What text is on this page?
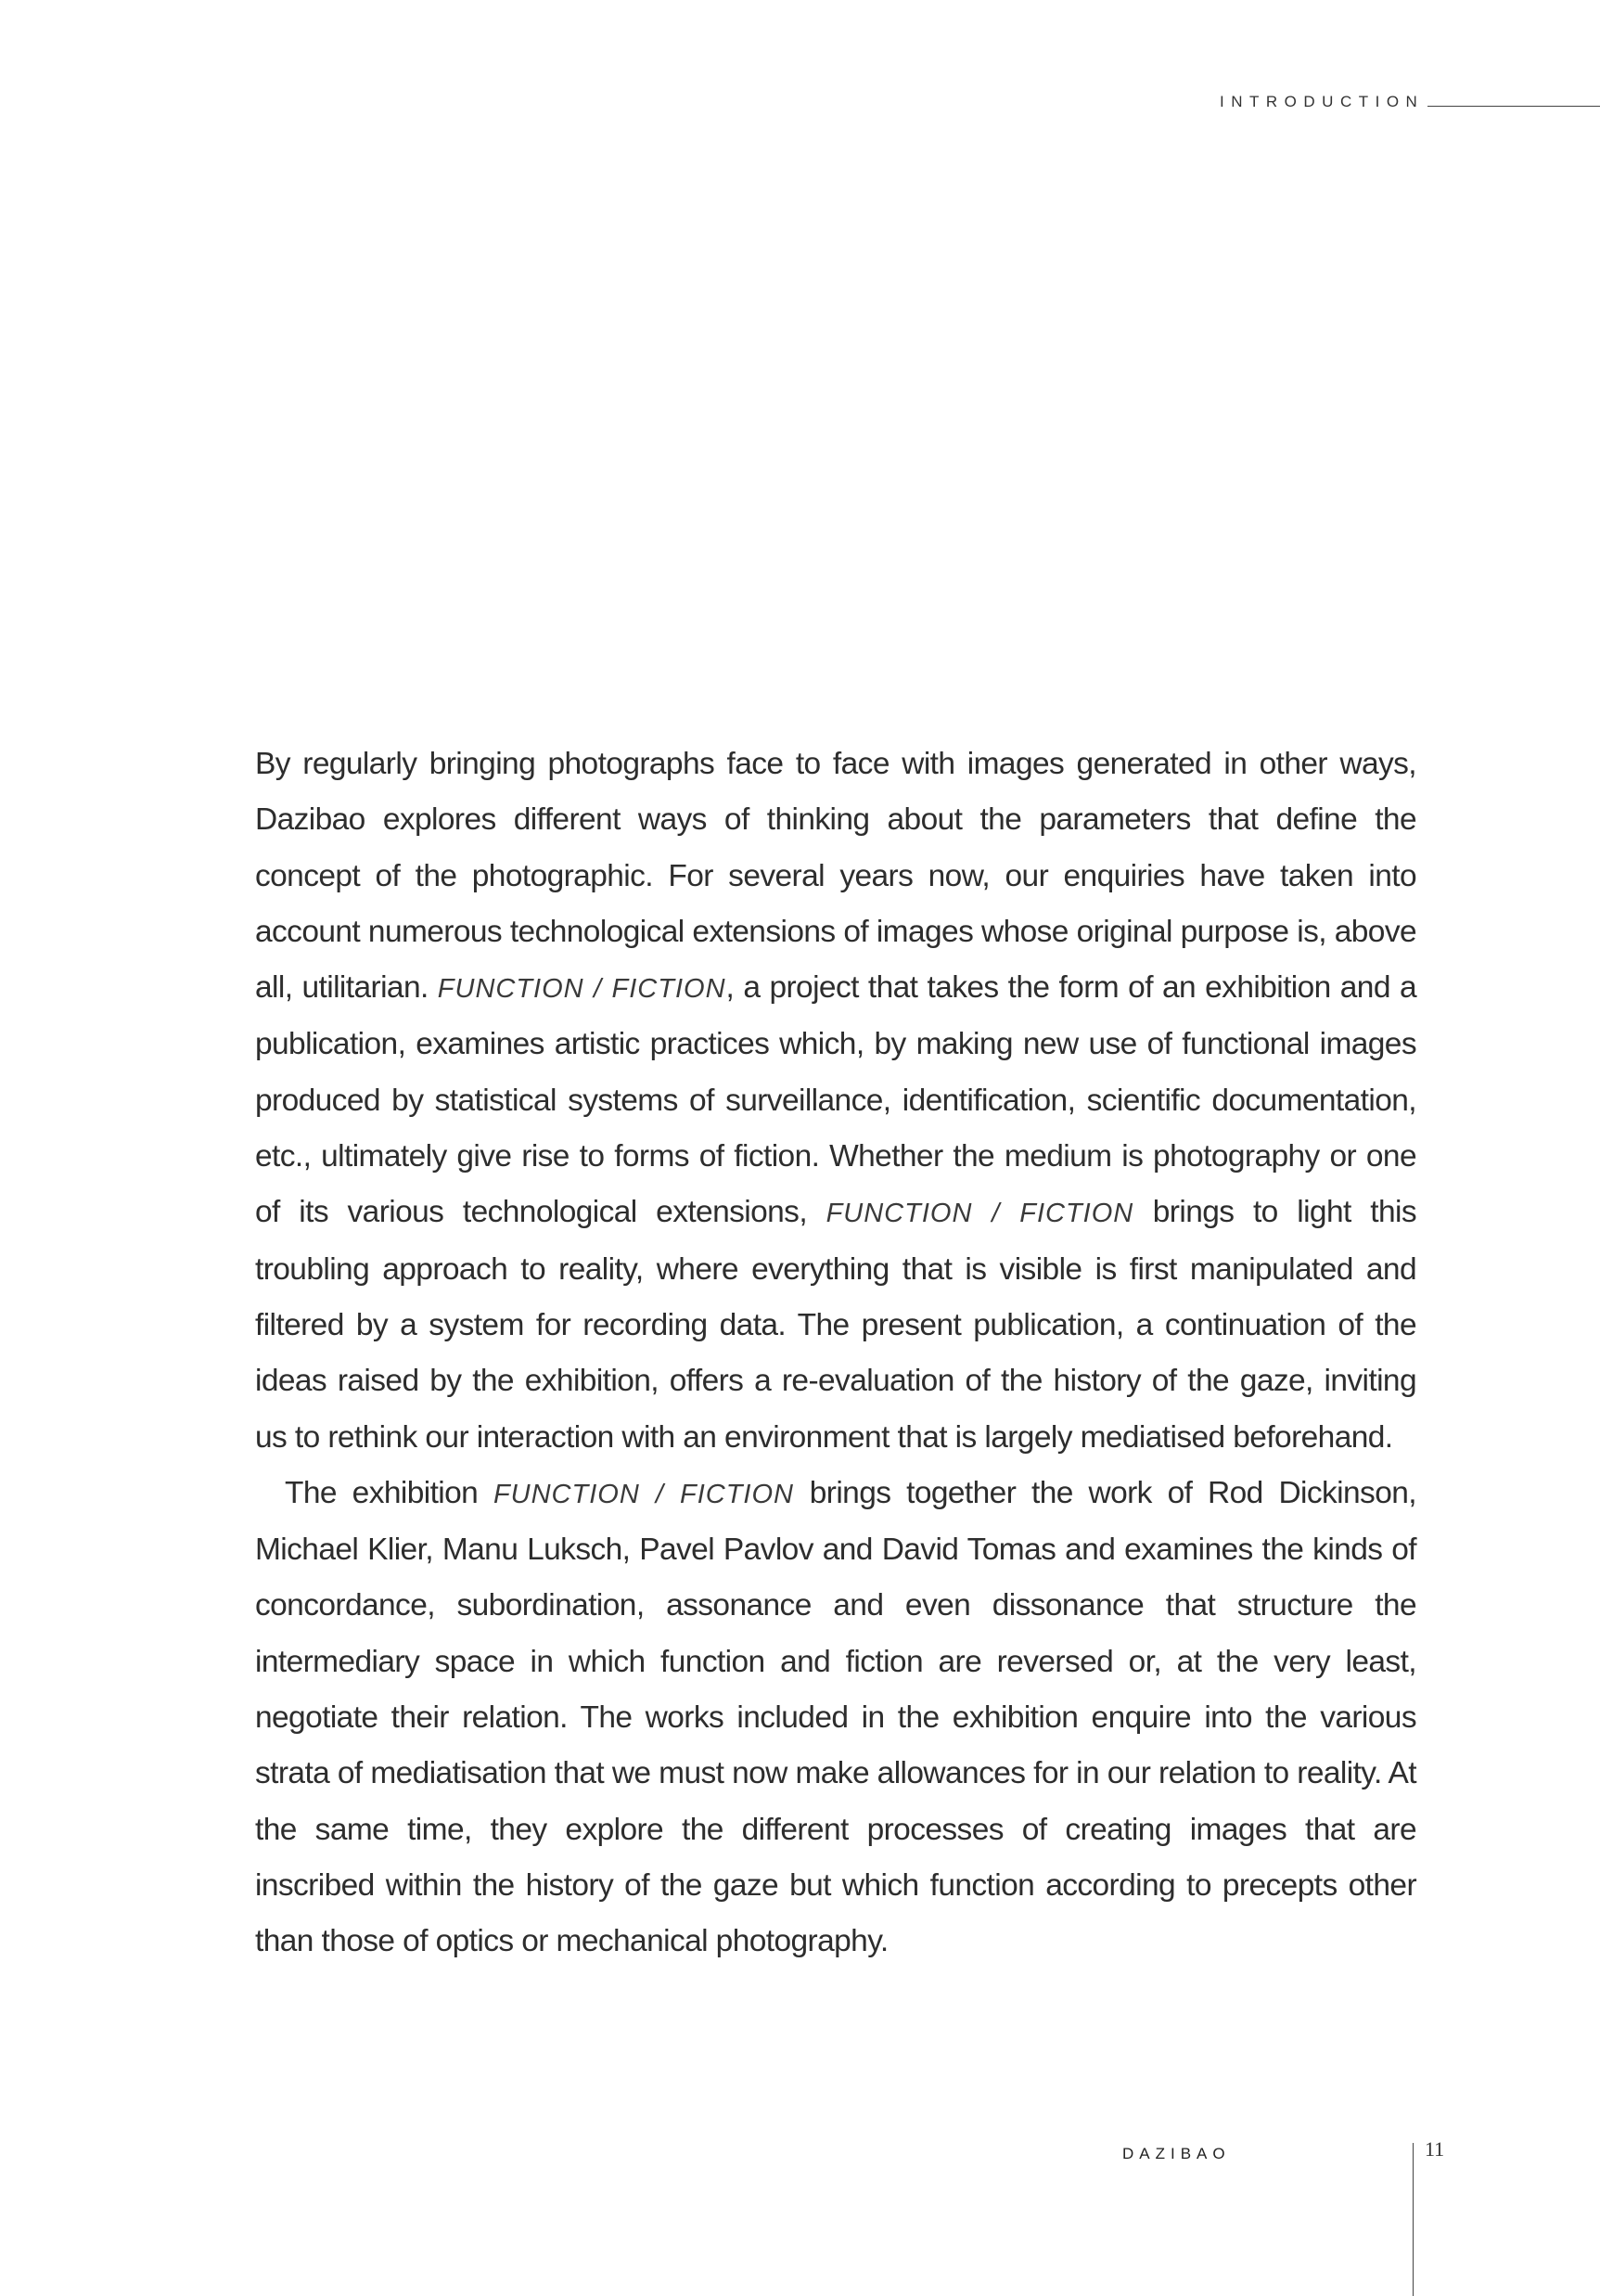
INTRODUCTION

By regularly bringing photographs face to face with images generated in other ways, Dazibao explores different ways of thinking about the parameters that define the concept of the photographic. For several years now, our enquiries have taken into account numerous technological extensions of images whose original purpose is, above all, utilitarian. FUNCTION / FICTION, a project that takes the form of an exhibition and a publication, examines artistic practices which, by making new use of functional images produced by statistical systems of surveillance, identification, scientific documentation, etc., ultimately give rise to forms of fiction. Whether the medium is photography or one of its various technological extensions, FUNCTION / FICTION brings to light this troubling approach to reality, where everything that is visible is first manipulated and filtered by a system for recording data. The present publication, a continuation of the ideas raised by the exhibition, offers a re-evaluation of the history of the gaze, inviting us to rethink our interaction with an environment that is largely mediatised beforehand.

The exhibition FUNCTION / FICTION brings together the work of Rod Dickinson, Michael Klier, Manu Luksch, Pavel Pavlov and David Tomas and examines the kinds of concordance, subordination, assonance and even dissonance that structure the intermediary space in which function and fiction are reversed or, at the very least, negotiate their relation. The works included in the exhibition enquire into the various strata of mediatisation that we must now make allowances for in our relation to reality. At the same time, they explore the different processes of creating images that are inscribed within the history of the gaze but which function according to precepts other than those of optics or mechanical photography.

DAZIBAO	11
